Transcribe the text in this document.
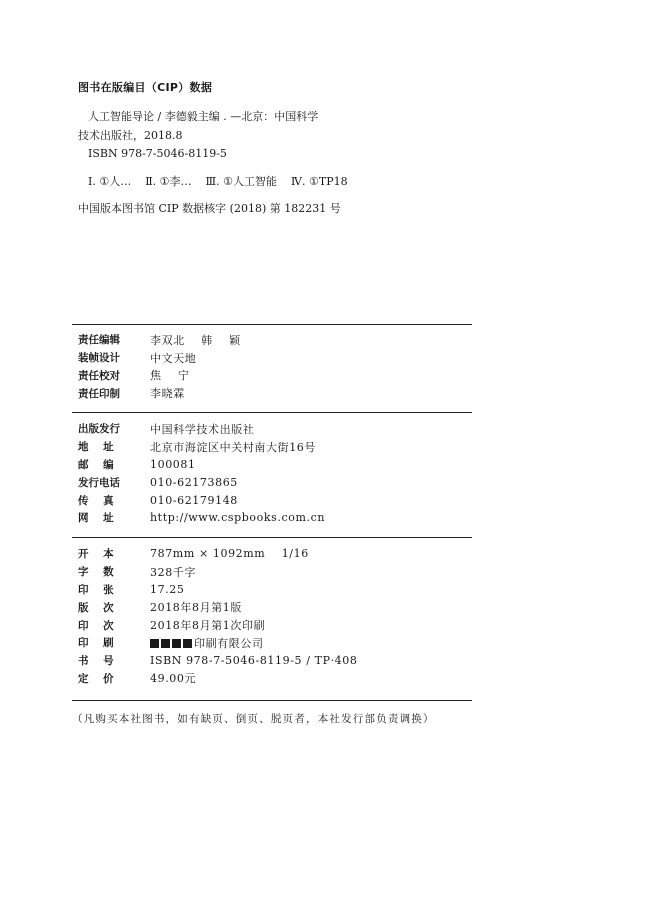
图书在版编目（CIP）数据
人工智能导论 / 李德毅主编 . —北京：中国科学
技术出版社，2018.8
ISBN 978-7-5046-8119-5
Ⅰ. ①人… Ⅱ. ①李… Ⅲ. ①人工智能 Ⅳ. ①TP18
中国版本图书馆 CIP 数据核字 (2018) 第 182231 号
责任编辑	李双北    韩    颖
装帧设计	中文天地
责任校对	焦    宁
责任印制	李晓霖
出版发行	中国科学技术出版社
地    址	北京市海淀区中关村南大街16号
邮    编	100081
发行电话	010-62173865
传    真	010-62179148
网    址	http://www.cspbooks.com.cn
开    本	787mm × 1092mm    1/16
字    数	328千字
印    张	17.25
版    次	2018年8月第1版
印    次	2018年8月第1次印刷
印    刷	印刷有限公司
书    号	ISBN 978-7-5046-8119-5 / TP·408
定    价	49.00元
（凡购买本社图书，如有缺页、倒页、脱页者，本社发行部负责调换）
